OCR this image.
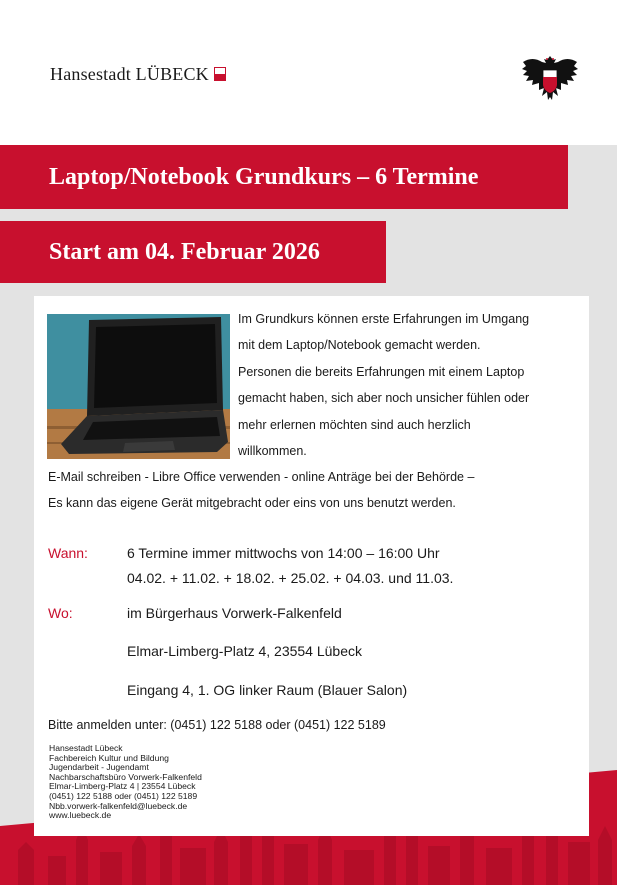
Hansestadt LÜBECK
Laptop/Notebook Grundkurs – 6 Termine
Start am 04. Februar 2026
Im Grundkurs können erste Erfahrungen im Umgang
mit dem Laptop/Notebook gemacht werden.
Personen die bereits Erfahrungen mit einem Laptop
gemacht haben, sich aber noch unsicher fühlen oder
mehr erlernen möchten sind auch herzlich
willkommen.
E-Mail schreiben - Libre Office verwenden - online Anträge bei der Behörde –
Es kann das eigene Gerät mitgebracht oder eins von uns benutzt werden.
Wann:	6 Termine immer mittwochs von 14:00 – 16:00 Uhr
04.02. + 11.02. + 18.02. + 25.02. + 04.03. und 11.03.
Wo:	im Bürgerhaus Vorwerk-Falkenfeld
Elmar-Limberg-Platz 4, 23554 Lübeck
Eingang 4, 1. OG linker Raum (Blauer Salon)
Bitte anmelden unter: (0451) 122 5188 oder (0451) 122 5189
Hansestadt Lübeck
Fachbereich Kultur und Bildung
Jugendarbeit - Jugendamt
Nachbarschaftsbüro Vorwerk-Falkenfeld
Elmar-Limberg-Platz 4 | 23554 Lübeck
(0451) 122 5188 oder (0451) 122 5189
Nbb.vorwerk-falkenfeld@luebeck.de
www.luebeck.de
